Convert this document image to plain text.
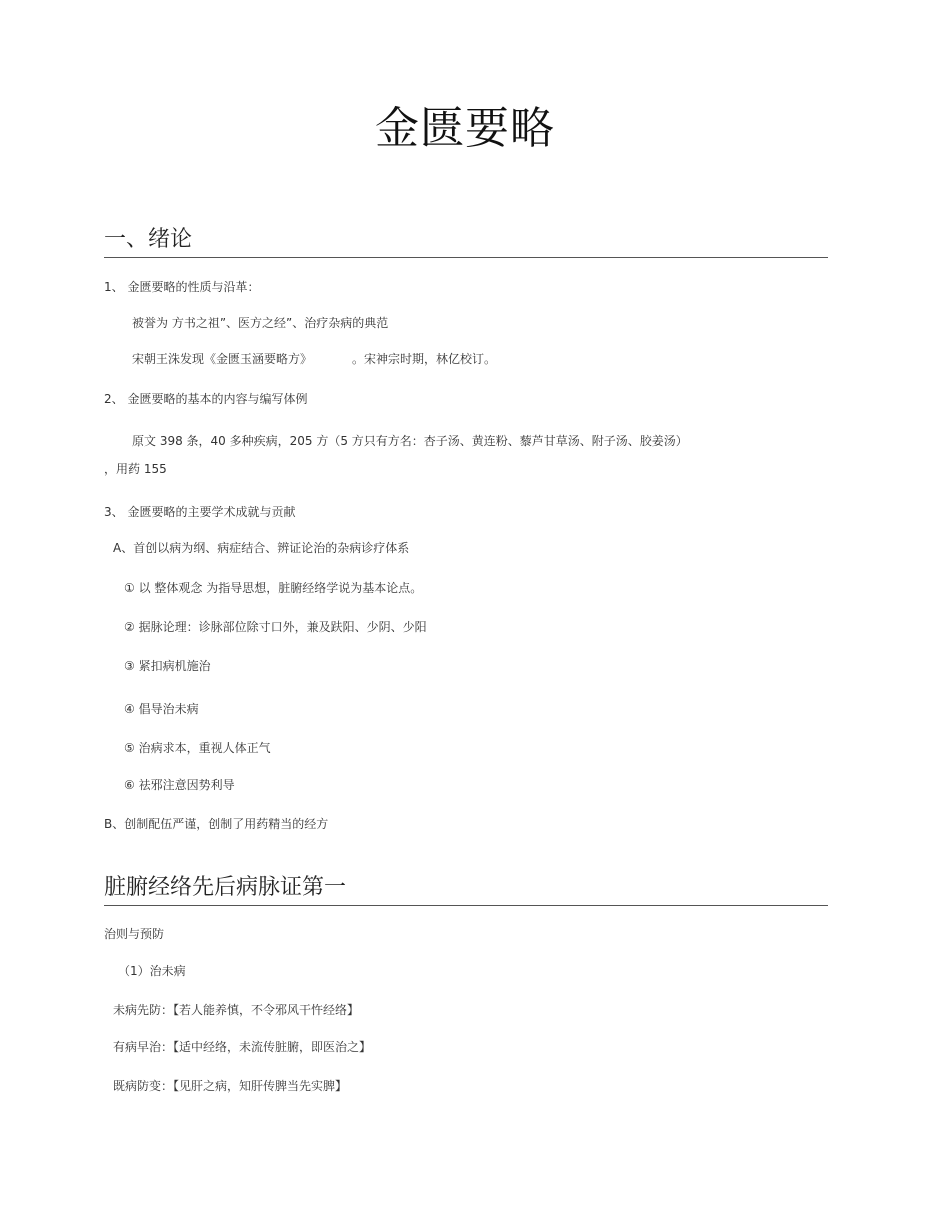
金匮要略
一、绪论
1、 金匮要略的性质与沿革：
被誉为 方书之祖”、医方之经”、治疗杂病的典范
宋朝王洙发现《金匮玉涵要略方》	。宋神宗时期，林亿校订。
2、 金匮要略的基本的内容与编写体例
原文 398 条，40 多种疾病，205 方（5 方只有方名：杏子汤、黄连粉、藜芦甘草汤、附子汤、胶姜汤）
，用药 155
3、 金匮要略的主要学术成就与贡献
A、首创以病为纲、病症结合、辨证论治的杂病诊疗体系
① 以 整体观念 为指导思想，脏腑经络学说为基本论点。
② 据脉论理：诊脉部位除寸口外，兼及趺阳、少阴、少阳
③ 紧扣病机施治
④ 倡导治未病
⑤ 治病求本，重视人体正气
⑥ 祛邪注意因势利导
B、创制配伍严谨，创制了用药精当的经方
脏腑经络先后病脉证第一
治则与预防
（1）治未病
未病先防：【若人能养慎，不令邪风干忤经络】
有病早治：【适中经络，未流传脏腑，即医治之】
既病防变：【见肝之病，知肝传脾当先实脾】
